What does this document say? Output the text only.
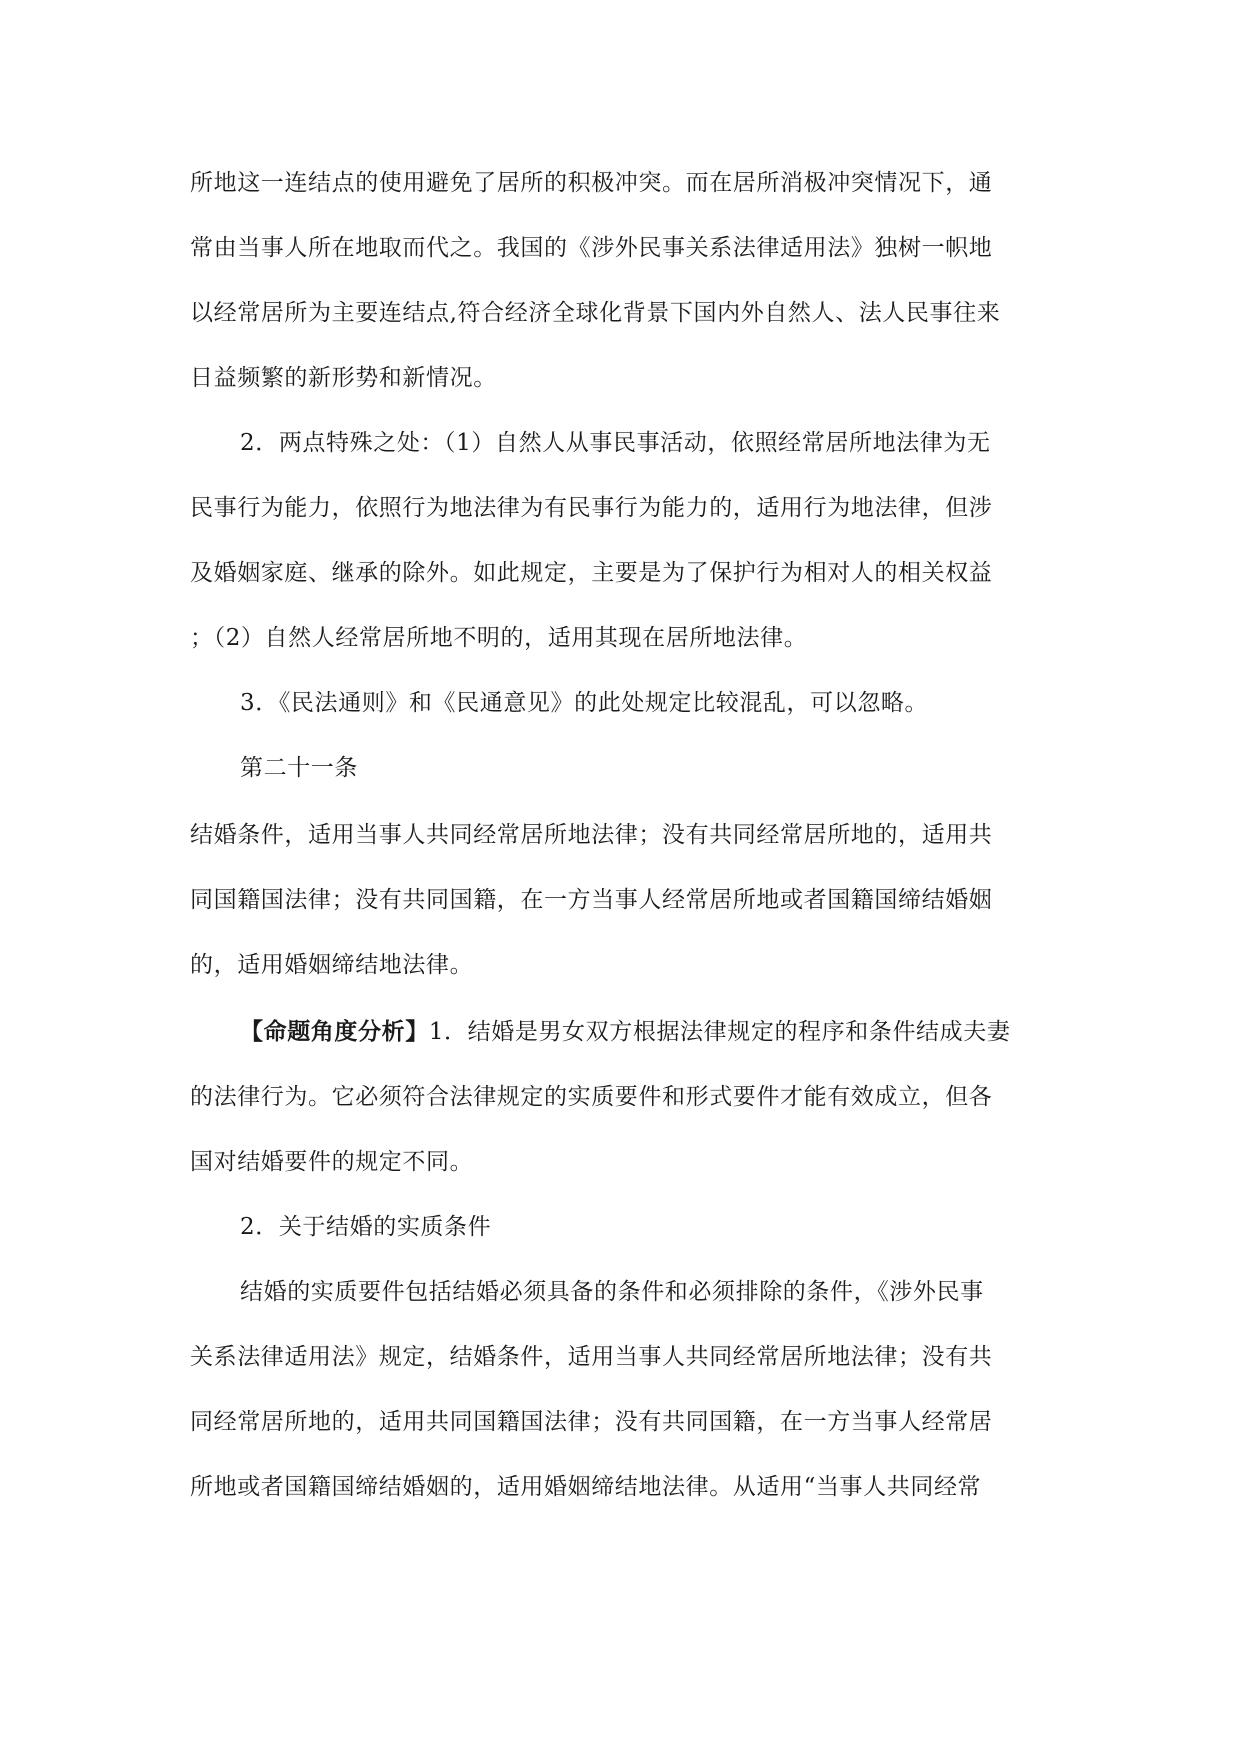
所地这一连结点的使用避免了居所的积极冲突。而在居所消极冲突情况下，通
常由当事人所在地取而代之。我国的《涉外民事关系法律适用法》独树一帜地
以经常居所为主要连结点,符合经济全球化背景下国内外自然人、法人民事往来
日益频繁的新形势和新情况。
2．两点特殊之处：（1）自然人从事民事活动，依照经常居所地法律为无
民事行为能力，依照行为地法律为有民事行为能力的，适用行为地法律，但涉
及婚姻家庭、继承的除外。如此规定，主要是为了保护行为相对人的相关权益
；（2）自然人经常居所地不明的，适用其现在居所地法律。
3．《民法通则》和《民通意见》的此处规定比较混乱，可以忽略。
第二十一条
结婚条件，适用当事人共同经常居所地法律；没有共同经常居所地的，适用共
同国籍国法律；没有共同国籍，在一方当事人经常居所地或者国籍国缔结婚姻
的，适用婚姻缔结地法律。
【命题角度分析】1．结婚是男女双方根据法律规定的程序和条件结成夫妻
的法律行为。它必须符合法律规定的实质要件和形式要件才能有效成立，但各
国对结婚要件的规定不同。
2．关于结婚的实质条件
结婚的实质要件包括结婚必须具备的条件和必须排除的条件，《涉外民事
关系法律适用法》规定，结婚条件，适用当事人共同经常居所地法律；没有共
同经常居所地的，适用共同国籍国法律；没有共同国籍，在一方当事人经常居
所地或者国籍国缔结婚姻的，适用婚姻缔结地法律。从适用“当事人共同经常
